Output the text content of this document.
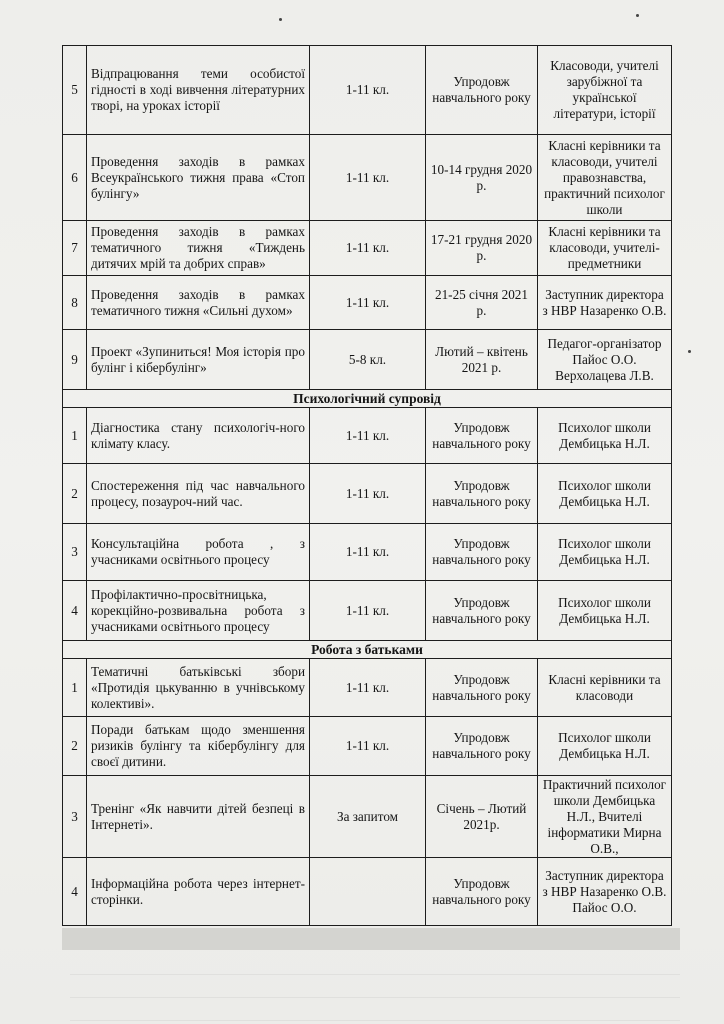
5	Відпрацювання теми особистої гідності в ході вивчення літературних творі, на уроках історії	1-11 кл.	Упродовж навчального року	Класоводи, учителі зарубіжної та української літератури, історії
6	Проведення заходів в рамках Всеукраїнського тижня права «Стоп булінгу»	1-11 кл.	10-14 грудня 2020 р.	Класні керівники та класоводи, учителі правознавства, практичний психолог школи
7	Проведення заходів в рамках тематичного тижня «Тиждень дитячих мрій та добрих справ»	1-11 кл.	17-21 грудня 2020 р.	Класні керівники та класоводи, учителі-предметники
8	Проведення заходів в рамках тематичного тижня «Сильні духом»	1-11 кл.	21-25 січня 2021 р.	Заступник директора з НВР Назаренко О.В.
9	Проект «Зупиниться! Моя історія про булінг і кібербулінг»	5-8 кл.	Лютий – квітень 2021 р.	Педагог-організатор Пайос О.О. Верхолацева Л.В.
Психологічний супровід				
1	Діагностика стану психологіч-ного клімату класу.	1-11 кл.	Упродовж навчального року	Психолог школи Дембицька Н.Л.
2	Спостереження під час навчального процесу, позауроч-ний час.	1-11 кл.	Упродовж навчального року	Психолог школи Дембицька Н.Л.
3	Консультаційна робота , з учасниками освітнього процесу	1-11 кл.	Упродовж навчального року	Психолог школи Дембицька Н.Л.
4	Профілактично-просвітницька, корекційно-розвивальна робота з учасниками освітнього процесу	1-11 кл.	Упродовж навчального року	Психолог школи Дембицька Н.Л.
Робота з батьками				
1	Тематичні батьківські збори «Протидія цькуванню в учнівському колективі».	1-11 кл.	Упродовж навчального року	Класні керівники та класоводи
2	Поради батькам щодо зменшення ризиків булінгу та кібербулінгу для своєї дитини.	1-11 кл.	Упродовж навчального року	Психолог школи Дембицька Н.Л.
3	Тренінг «Як навчити дітей безпеці в Інтернеті».	За запитом	Січень – Лютий 2021р.	Практичний психолог школи Дембицька Н.Л., Вчителі інформатики Мирна О.В.,
4	Інформаційна робота через інтернет-сторінки.		Упродовж навчального року	Заступник директора з НВР Назаренко О.В. Пайос О.О.
